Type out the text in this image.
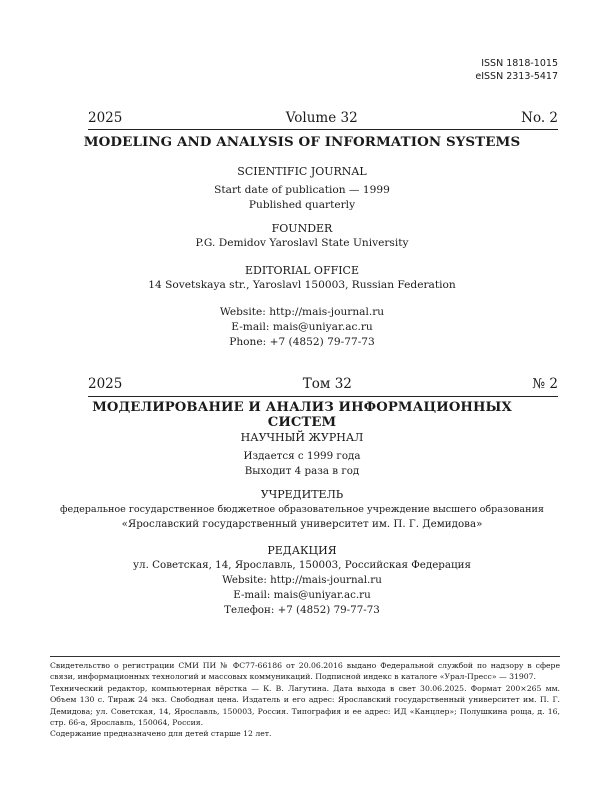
ISSN 1818-1015
eISSN 2313-5417
2025	Volume 32	No. 2
MODELING AND ANALYSIS OF INFORMATION SYSTEMS
SCIENTIFIC JOURNAL
Start date of publication — 1999
Published quarterly
FOUNDER
P.G. Demidov Yaroslavl State University
EDITORIAL OFFICE
14 Sovetskaya str., Yaroslavl 150003, Russian Federation
Website: http://mais-journal.ru
E-mail: mais@uniyar.ac.ru
Phone: +7 (4852) 79-77-73
2025	Том 32	№ 2
МОДЕЛИРОВАНИЕ И АНАЛИЗ ИНФОРМАЦИОННЫХ СИСТЕМ
НАУЧНЫЙ ЖУРНАЛ
Издается с 1999 года
Выходит 4 раза в год
УЧРЕДИТЕЛЬ
федеральное государственное бюджетное образовательное учреждение высшего образования
«Ярославский государственный университет им. П. Г. Демидова»
РЕДАКЦИЯ
ул. Советская, 14, Ярославль, 150003, Российская Федерация
Website: http://mais-journal.ru
E-mail: mais@uniyar.ac.ru
Телефон: +7 (4852) 79-77-73

Свидетельство о регистрации СМИ ПИ № ФС77-66186 от 20.06.2016 выдано Федеральной службой по надзору в сфере связи, информационных технологий и массовых коммуникаций. Подписной индекс в каталоге «Урал-Пресс» — 31907.

Технический редактор, компьютерная вёрстка — К. В. Лагутина. Дата выхода в свет 30.06.2025. Формат 200×265 мм. Объем 130 с. Тираж 24 экз. Свободная цена. Издатель и его адрес: Ярославский государственный университет им. П. Г. Демидова; ул. Советская, 14, Ярославль, 150003, Россия. Типография и ее адрес: ИД «Канцлер»; Полушкина роща, д. 16, стр. 66-а, Ярославль, 150064, Россия.

Содержание предназначено для детей старше 12 лет.
